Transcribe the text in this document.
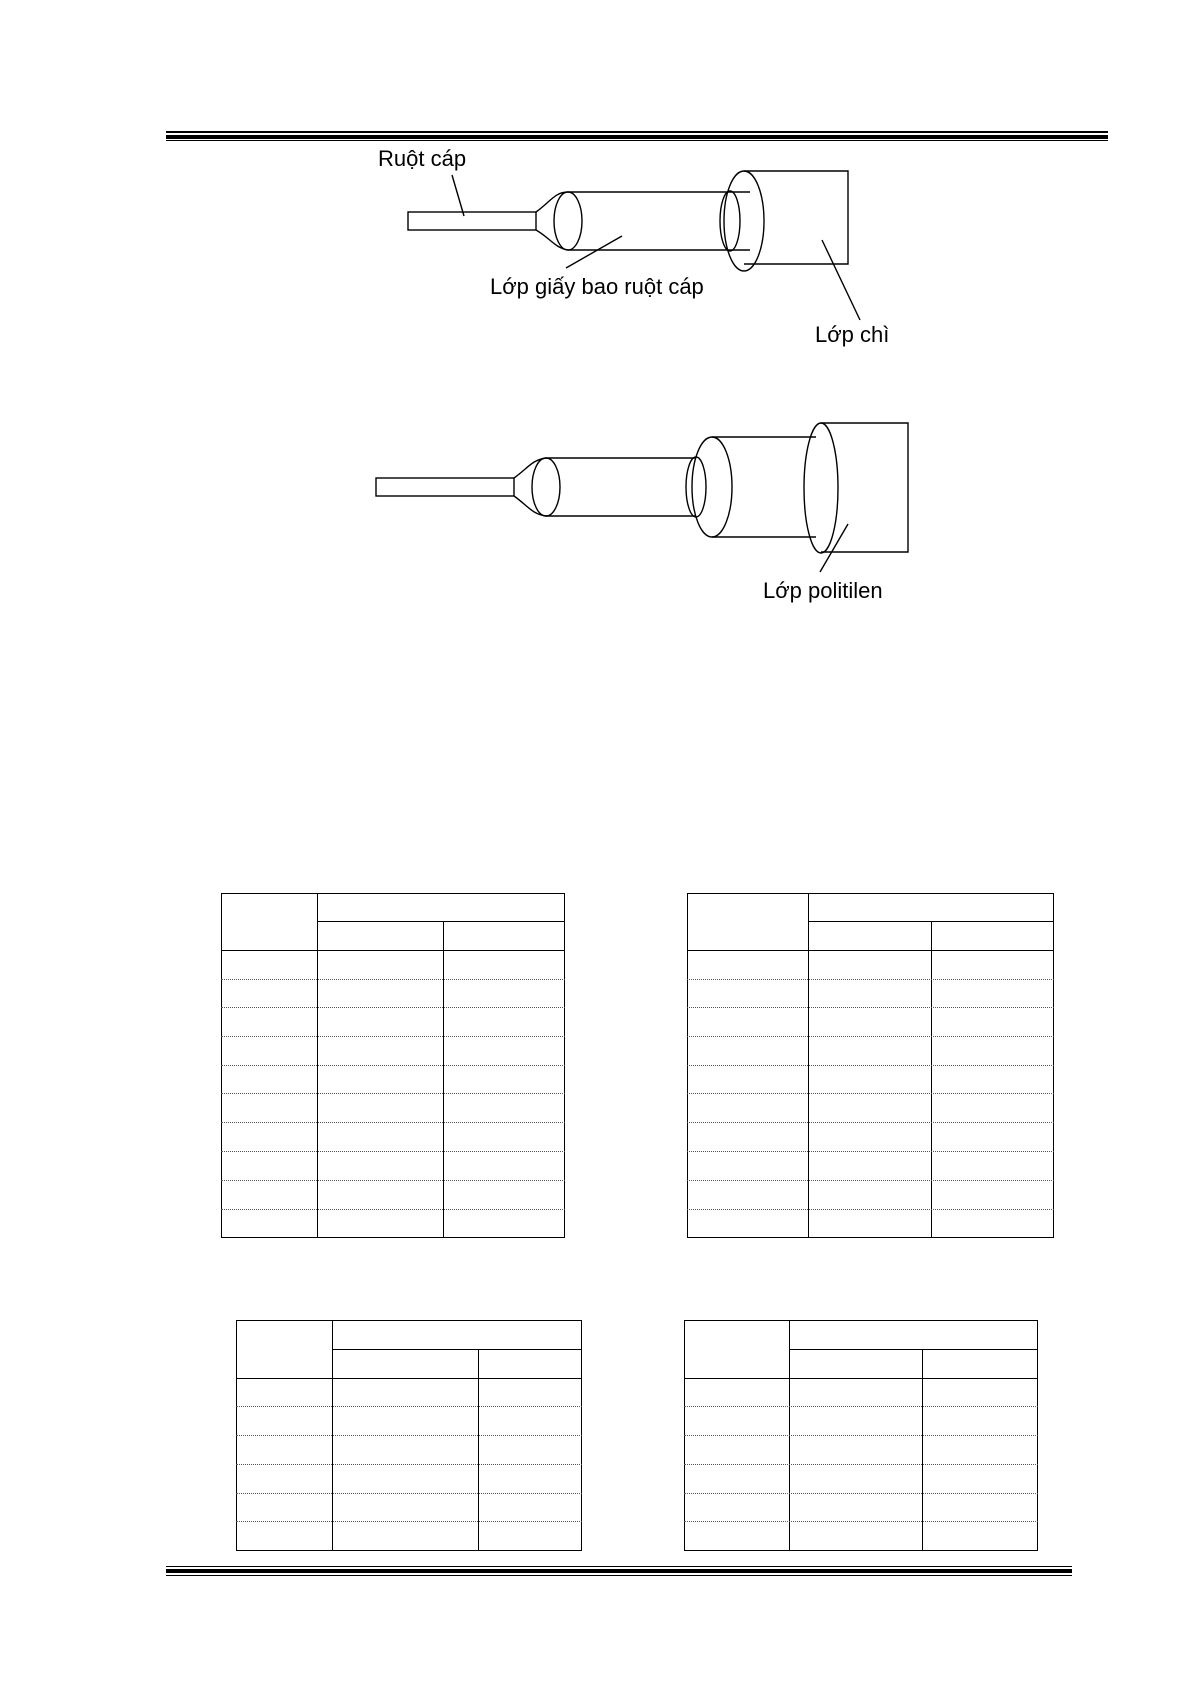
Ruột cáp
Lớp giấy bao ruột cáp
Lớp chì
Lớp politilen
